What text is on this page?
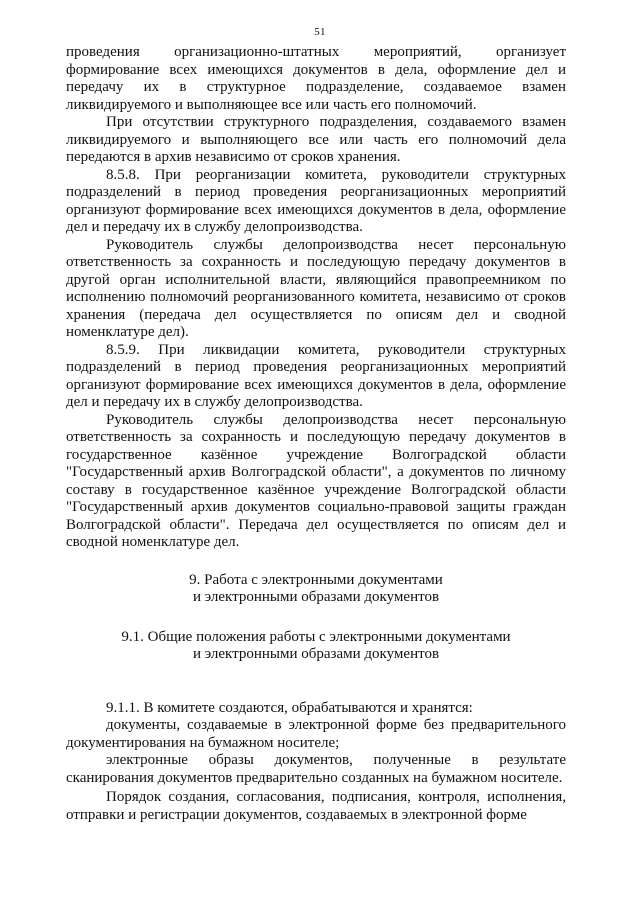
51

проведения организационно-штатных мероприятий, организует формирование всех имеющихся документов в дела, оформление дел и передачу их в структурное подразделение, создаваемое взамен ликвидируемого и выполняющее все или часть его полномочий.

При отсутствии структурного подразделения, создаваемого взамен ликвидируемого и выполняющего все или часть его полномочий дела передаются в архив независимо от сроков хранения.

8.5.8. При реорганизации комитета, руководители структурных подразделений в период проведения реорганизационных мероприятий организуют формирование всех имеющихся документов в дела, оформление дел и передачу их в службу делопроизводства.

Руководитель службы делопроизводства несет персональную ответственность за сохранность и последующую передачу документов в другой орган исполнительной власти, являющийся правопреемником по исполнению полномочий реорганизованного комитета, независимо от сроков хранения (передача дел осуществляется по описям дел и сводной номенклатуре дел).

8.5.9. При ликвидации комитета, руководители структурных подразделений в период проведения реорганизационных мероприятий организуют формирование всех имеющихся документов в дела, оформление дел и передачу их в службу делопроизводства.

Руководитель службы делопроизводства несет персональную ответственность за сохранность и последующую передачу документов в государственное казённое учреждение Волгоградской области "Государственный архив Волгоградской области", а документов по личному составу в государственное казённое учреждение Волгоградской области "Государственный архив документов социально-правовой защиты граждан Волгоградской области". Передача дел осуществляется по описям дел и сводной номенклатуре дел.

9. Работа с электронными документами
и электронными образами документов
9.1. Общие положения работы с электронными документами
и электронными образами документов

9.1.1. В комитете создаются, обрабатываются и хранятся:

документы, создаваемые в электронной форме без предварительного документирования на бумажном носителе;

электронные образы документов, полученные в результате сканирования документов предварительно созданных на бумажном носителе.

Порядок создания, согласования, подписания, контроля, исполнения, отправки и регистрации документов, создаваемых в электронной форме
